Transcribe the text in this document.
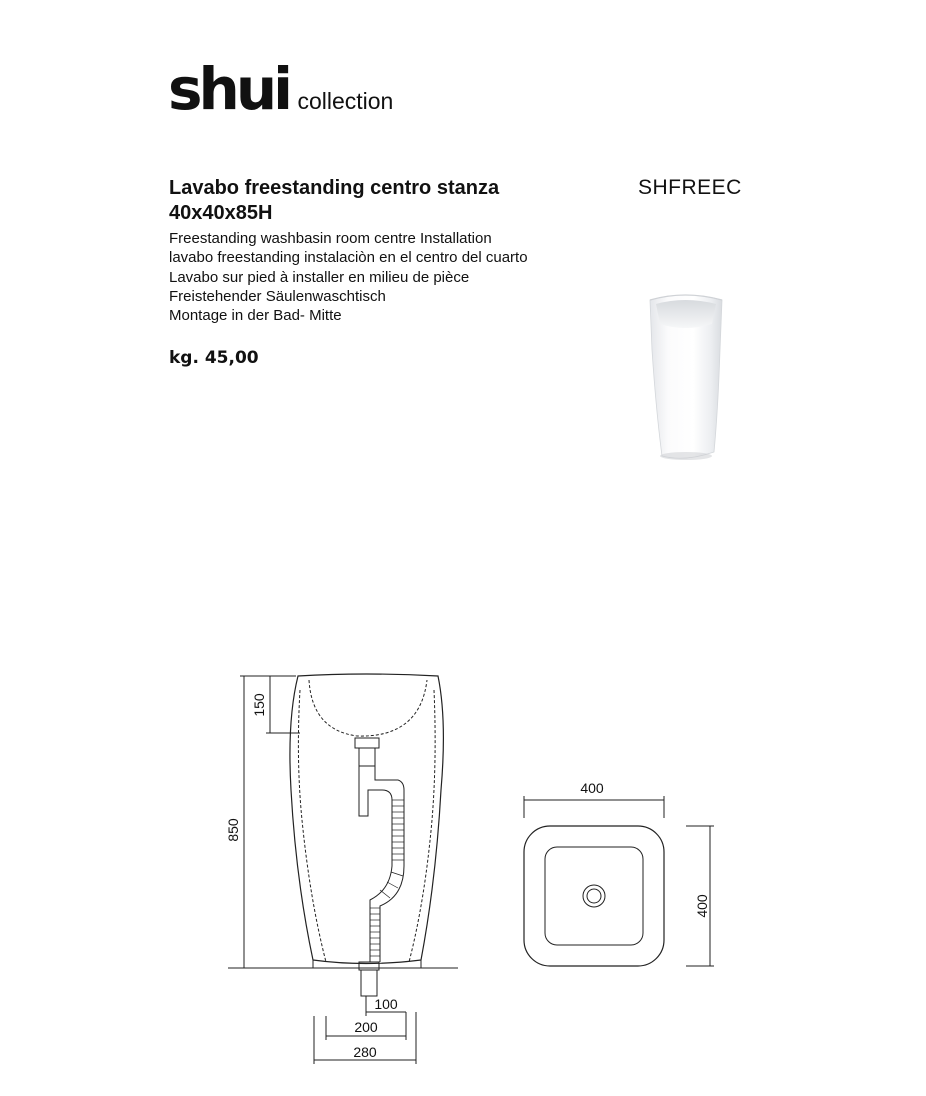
shui collection
Lavabo freestanding centro stanza
40x40x85H
SHFREEC
Freestanding washbasin room centre Installation
lavabo freestanding instalaciòn en el centro del cuarto
Lavabo sur pied à installer en milieu de pièce
Freistehender Säulenwaschtisch
Montage in der Bad- Mitte
kg. 45,00
150
850
100
200
280
400
400
